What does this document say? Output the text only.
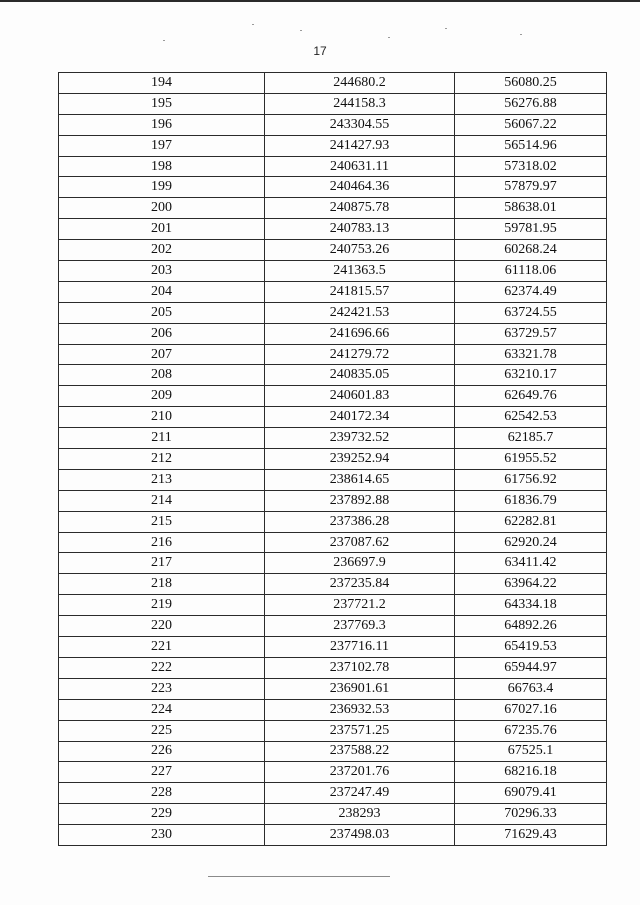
17
194	244680.2	56080.25
195	244158.3	56276.88
196	243304.55	56067.22
197	241427.93	56514.96
198	240631.11	57318.02
199	240464.36	57879.97
200	240875.78	58638.01
201	240783.13	59781.95
202	240753.26	60268.24
203	241363.5	61118.06
204	241815.57	62374.49
205	242421.53	63724.55
206	241696.66	63729.57
207	241279.72	63321.78
208	240835.05	63210.17
209	240601.83	62649.76
210	240172.34	62542.53
211	239732.52	62185.7
212	239252.94	61955.52
213	238614.65	61756.92
214	237892.88	61836.79
215	237386.28	62282.81
216	237087.62	62920.24
217	236697.9	63411.42
218	237235.84	63964.22
219	237721.2	64334.18
220	237769.3	64892.26
221	237716.11	65419.53
222	237102.78	65944.97
223	236901.61	66763.4
224	236932.53	67027.16
225	237571.25	67235.76
226	237588.22	67525.1
227	237201.76	68216.18
228	237247.49	69079.41
229	238293	70296.33
230	237498.03	71629.43
